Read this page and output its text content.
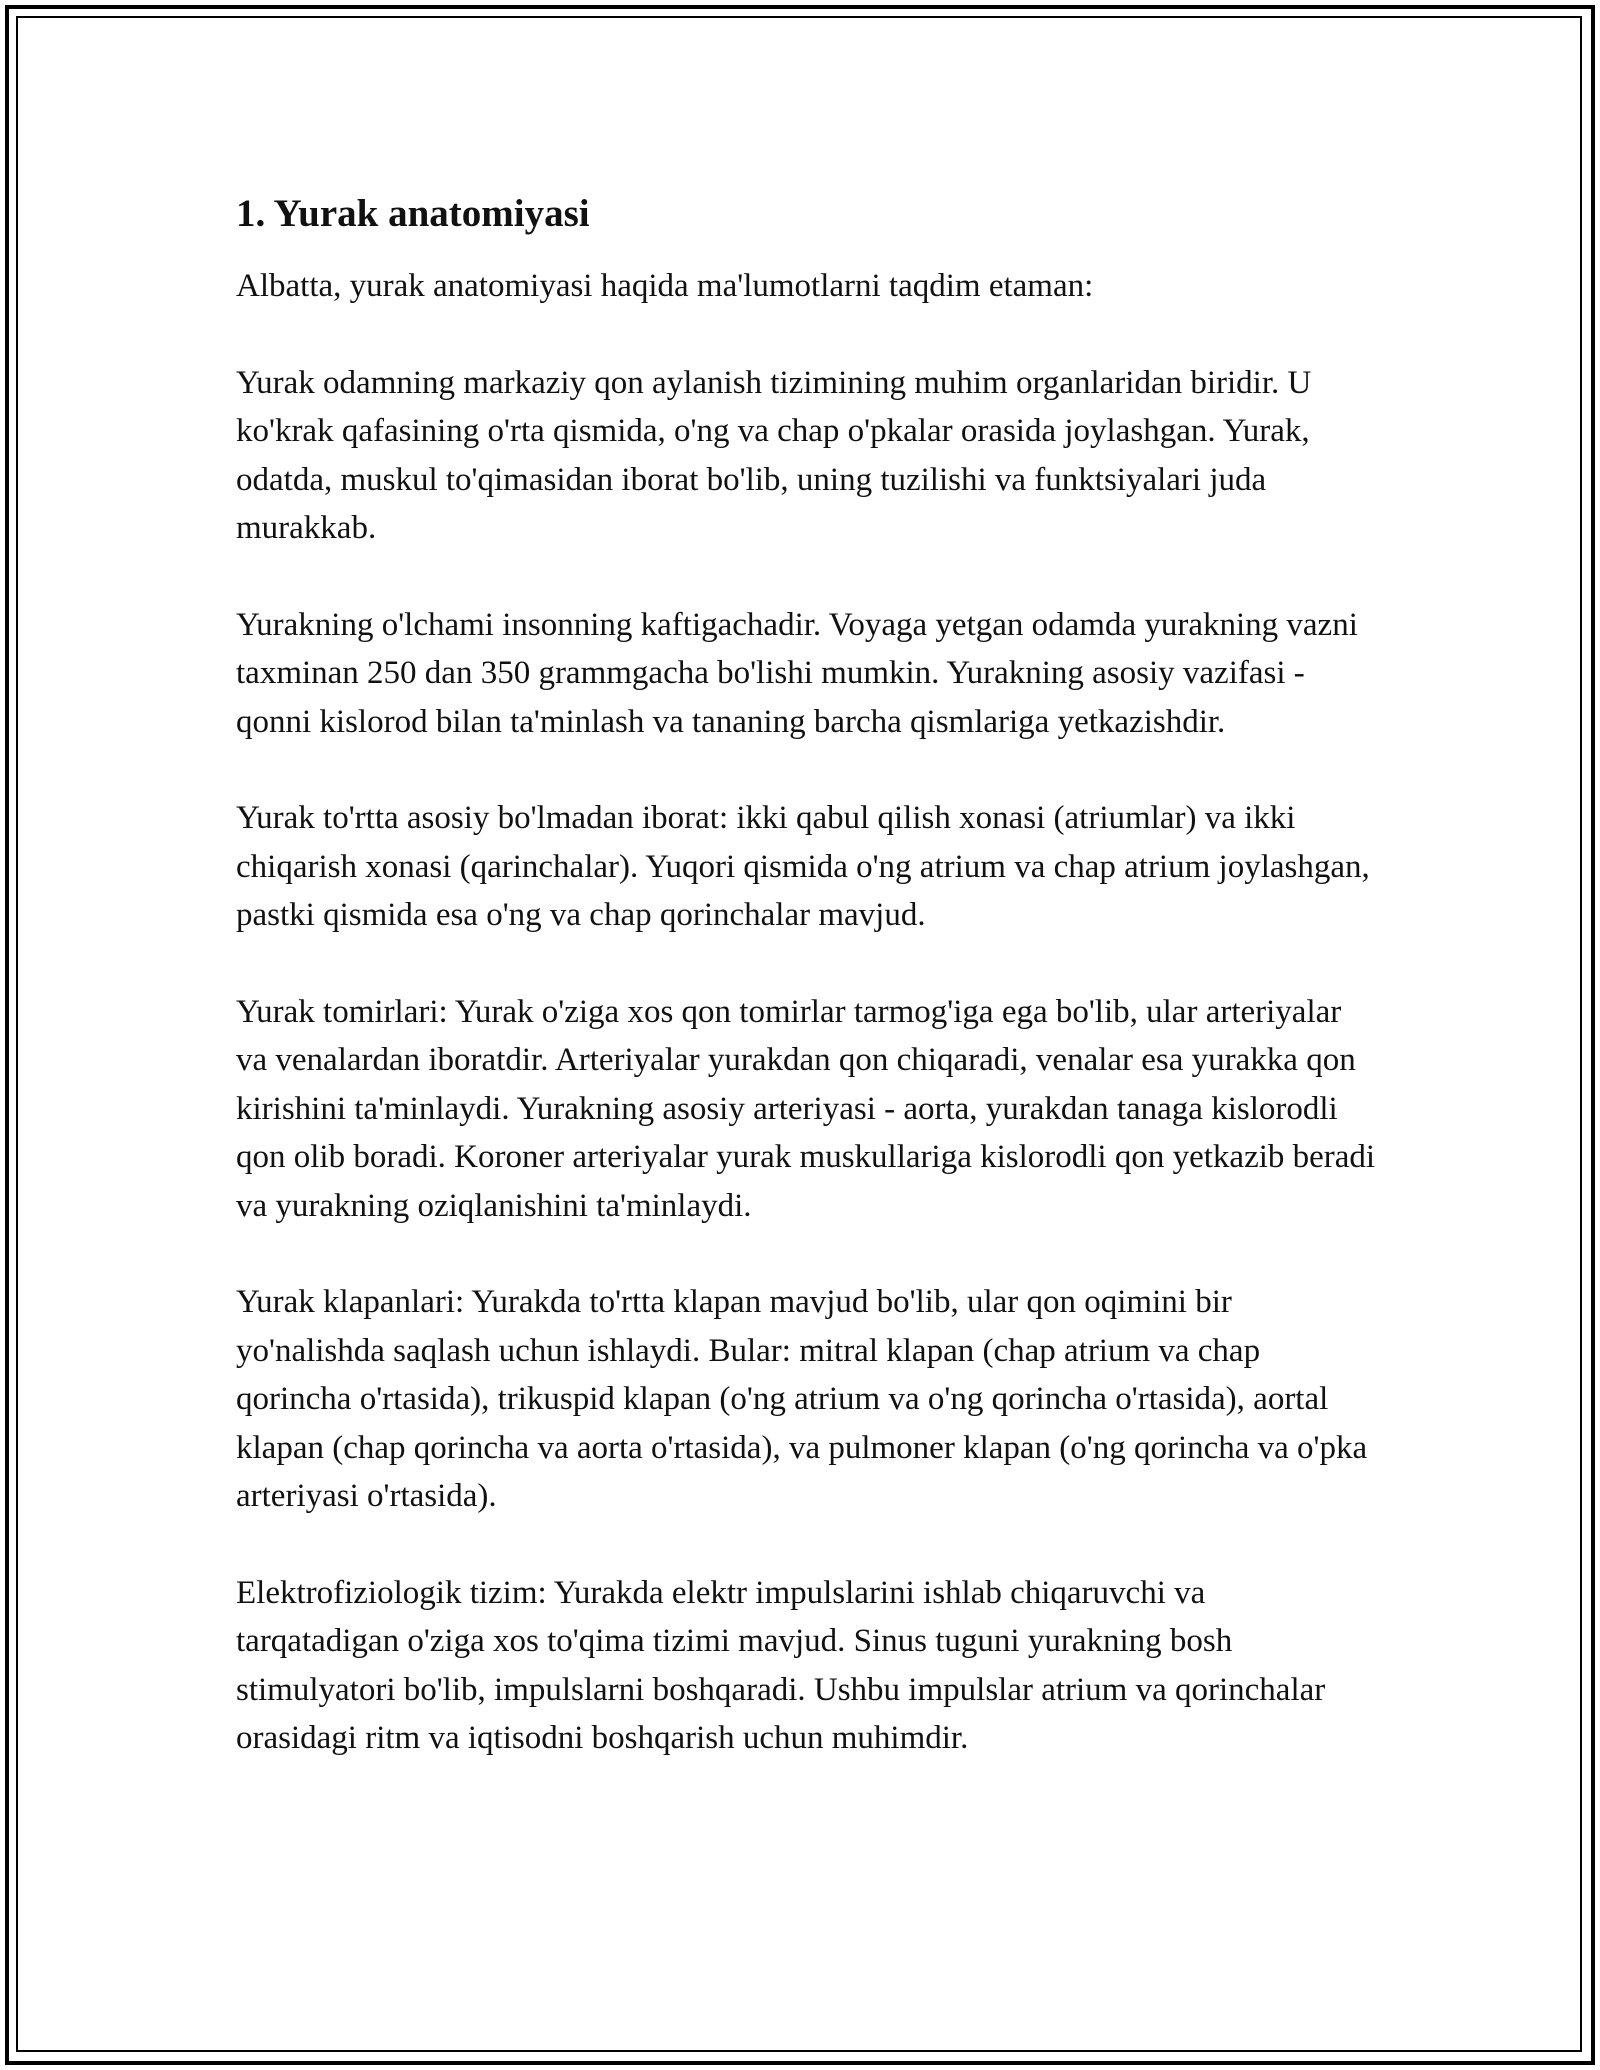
1. Yurak anatomiyasi

Albatta, yurak anatomiyasi haqida ma'lumotlarni taqdim etaman:

Yurak odamning markaziy qon aylanish tizimining muhim organlaridan biridir. U ko'krak qafasining o'rta qismida, o'ng va chap o'pkalar orasida joylashgan. Yurak, odatda, muskul to'qimasidan iborat bo'lib, uning tuzilishi va funktsiyalari juda murakkab.

Yurakning o'lchami insonning kaftigachadir. Voyaga yetgan odamda yurakning vazni taxminan 250 dan 350 grammgacha bo'lishi mumkin. Yurakning asosiy vazifasi - qonni kislorod bilan ta'minlash va tananing barcha qismlariga yetkazishdir.

Yurak to'rtta asosiy bo'lmadan iborat: ikki qabul qilish xonasi (atriumlar) va ikki chiqarish xonasi (qarinchalar). Yuqori qismida o'ng atrium va chap atrium joylashgan, pastki qismida esa o'ng va chap qorinchalar mavjud.

Yurak tomirlari: Yurak o'ziga xos qon tomirlar tarmog'iga ega bo'lib, ular arteriyalar va venalardan iboratdir. Arteriyalar yurakdan qon chiqaradi, venalar esa yurakka qon kirishini ta'minlaydi. Yurakning asosiy arteriyasi - aorta, yurakdan tanaga kislorodli qon olib boradi. Koroner arteriyalar yurak muskullariga kislorodli qon yetkazib beradi va yurakning oziqlanishini ta'minlaydi.

Yurak klapanlari: Yurakda to'rtta klapan mavjud bo'lib, ular qon oqimini bir yo'nalishda saqlash uchun ishlaydi. Bular: mitral klapan (chap atrium va chap qorincha o'rtasida), trikuspid klapan (o'ng atrium va o'ng qorincha o'rtasida), aortal klapan (chap qorincha va aorta o'rtasida), va pulmoner klapan (o'ng qorincha va o'pka arteriyasi o'rtasida).

Elektrofiziologik tizim: Yurakda elektr impulslarini ishlab chiqaruvchi va tarqatadigan o'ziga xos to'qima tizimi mavjud. Sinus tuguni yurakning bosh stimulyatori bo'lib, impulslarni boshqaradi. Ushbu impulslar atrium va qorinchalar orasidagi ritm va iqtisodni boshqarish uchun muhimdir.
